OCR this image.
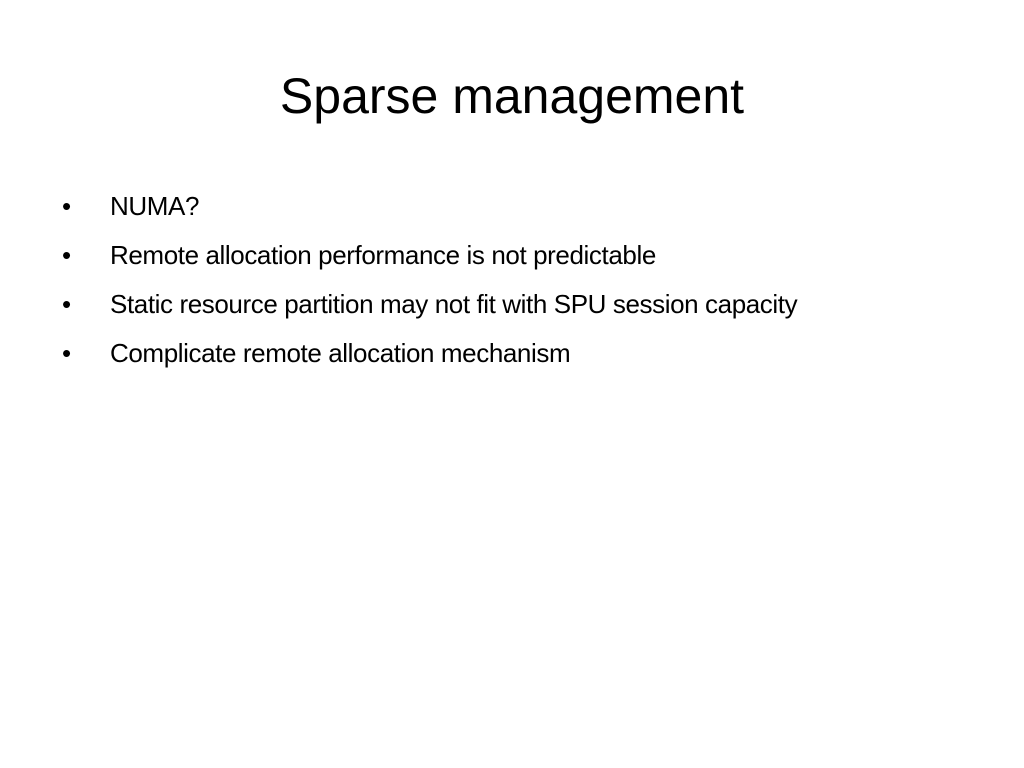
Sparse management
•	NUMA?
•	Remote allocation performance is not predictable
•	Static resource partition may not fit with SPU session capacity
•	Complicate remote allocation mechanism
